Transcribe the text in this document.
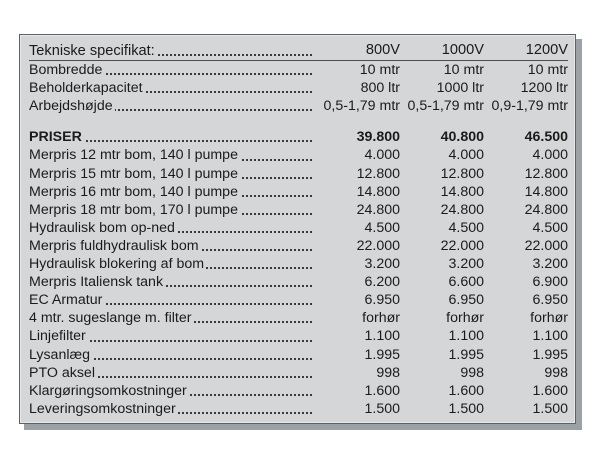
Tekniske specifikat:	800V	1000V	1200V

Bombredde	10 mtr	10 mtr	10 mtr

Beholderkapacitet	800 ltr	1000 ltr	1200 ltr

Arbejdshøjde	0,5-1,79 mtr	0,5-1,79 mtr	0,9-1,79 mtr

PRISER	39.800	40.800	46.500

Merpris 12 mtr bom, 140 l pumpe	4.000	4.000	4.000

Merpris 15 mtr bom, 140 l pumpe	12.800	12.800	12.800

Merpris 16 mtr bom, 140 l pumpe	14.800	14.800	14.800

Merpris 18 mtr bom, 170 l pumpe	24.800	24.800	24.800

Hydraulisk bom op-ned	4.500	4.500	4.500

Merpris fuldhydraulisk bom	22.000	22.000	22.000

Hydraulisk blokering af bom	3.200	3.200	3.200

Merpris Italiensk tank	6.200	6.600	6.900

EC Armatur	6.950	6.950	6.950

4 mtr. sugeslange m. filter	forhør	forhør	forhør

Linjefilter	1.100	1.100	1.100

Lysanlæg	1.995	1.995	1.995

PTO aksel	998	998	998

Klargøringsomkostninger	1.600	1.600	1.600

Leveringsomkostninger	1.500	1.500	1.500
